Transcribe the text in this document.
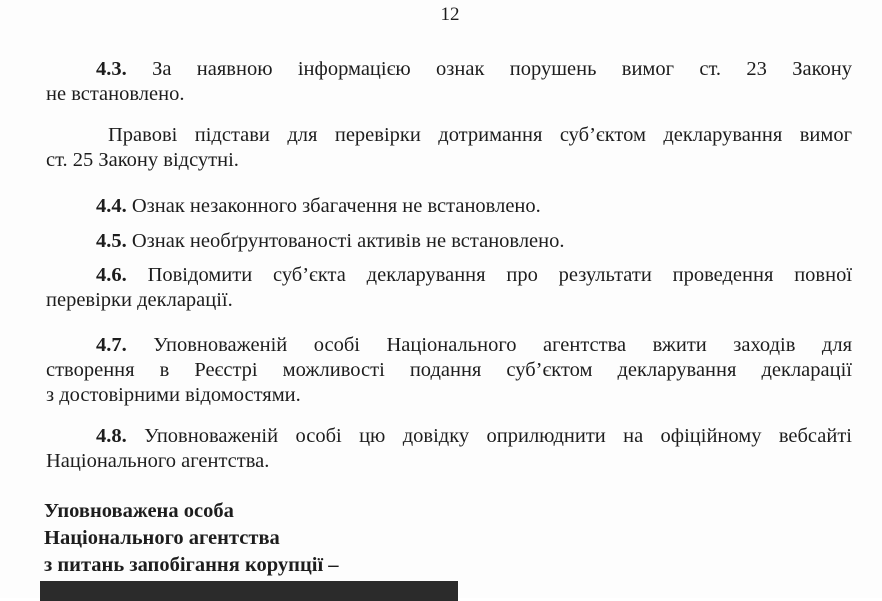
12
4.3. За наявною інформацією ознак порушень вимог ст. 23 Закону
не встановлено.
Правові підстави для перевірки дотримання суб’єктом декларування вимог
ст. 25 Закону відсутні.
4.4. Ознак незаконного збагачення не встановлено.
4.5. Ознак необґрунтованості активів не встановлено.
4.6. Повідомити суб’єкта декларування про результати проведення повної
перевірки декларації.
4.7. Уповноваженій особі Національного агентства вжити заходів для
створення в Реєстрі можливості подання суб’єктом декларування декларації
з достовірними відомостями.
4.8. Уповноваженій особі цю довідку оприлюднити на офіційному вебсайті
Національного агентства.
Уповноважена особа
Національного агентства
з питань запобігання корупції –
